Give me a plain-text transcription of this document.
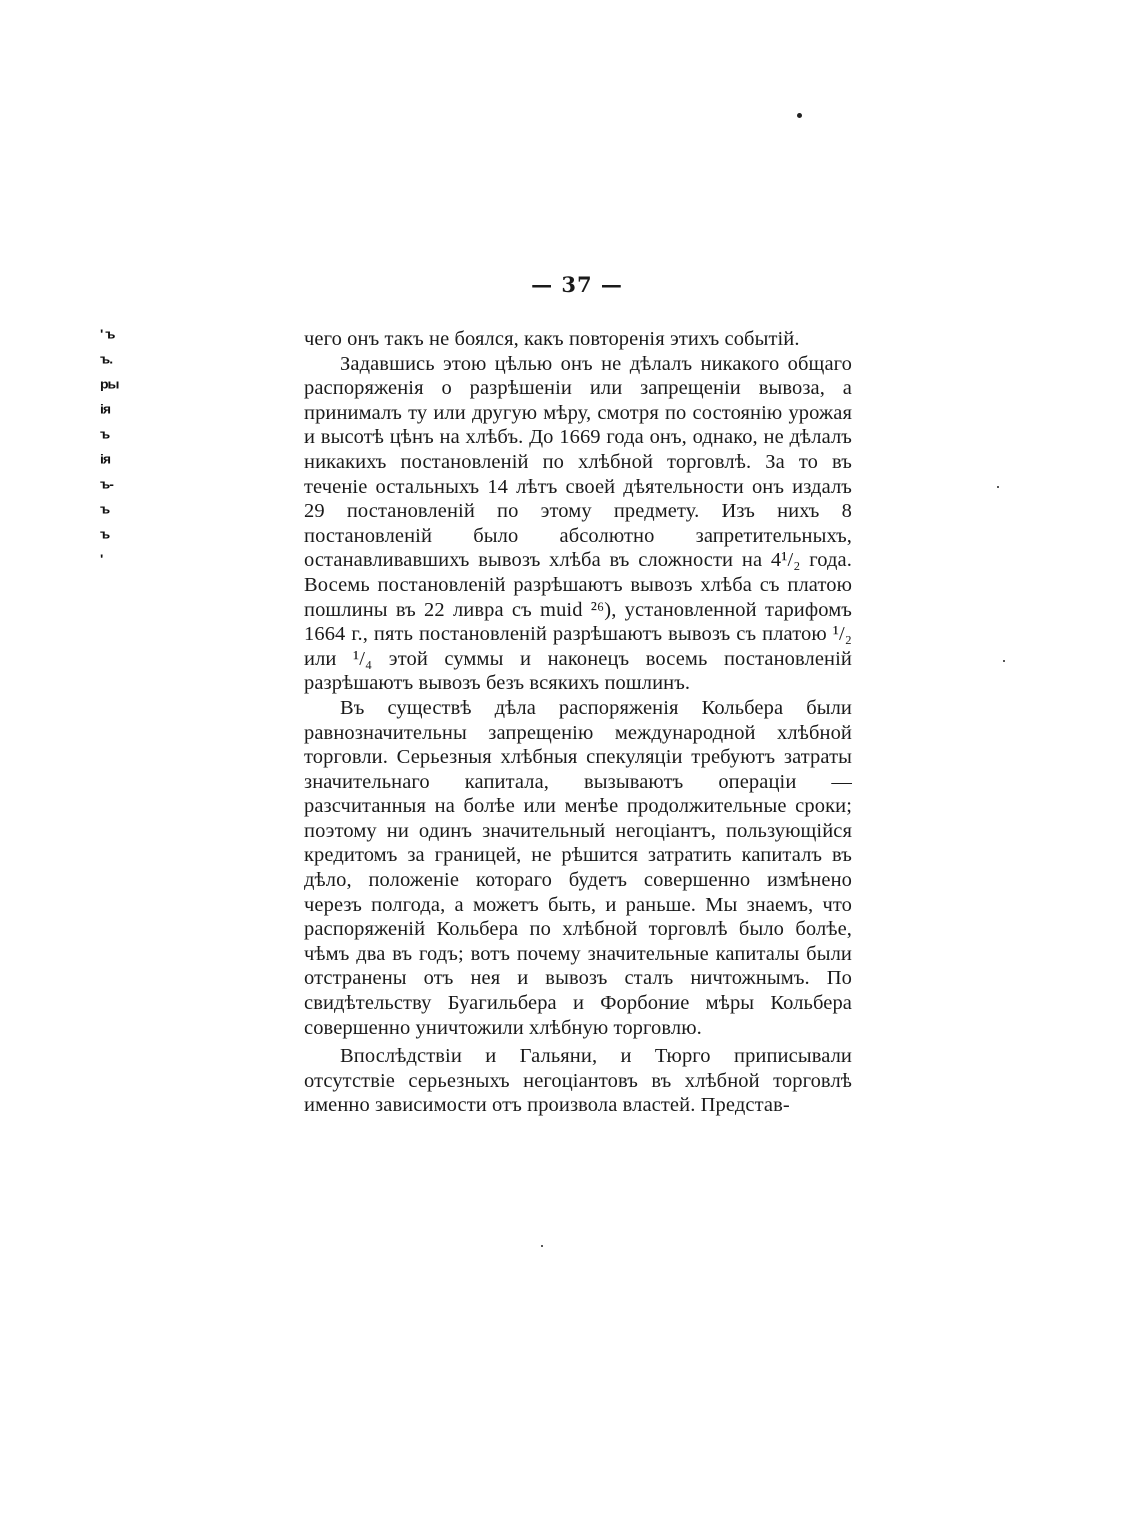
' ъ
ъ.
ры
ія
ъ
ія
ъ-
ъ
ъ
'
— 37 —

чего онъ такъ не боялся, какъ повторенія этихъ событій.

Задавшись этою цѣлью онъ не дѣлалъ никакого общаго распоряженія о разрѣшеніи или запрещеніи вывоза, а принималъ ту или другую мѣру, смотря по состоянію урожая и высотѣ цѣнъ на хлѣбъ. До 1669 года онъ, однако, не дѣлалъ никакихъ постановленій по хлѣбной торговлѣ. За то въ теченіе остальныхъ 14 лѣтъ своей дѣятельности онъ издалъ 29 постановленій по этому предмету. Изъ нихъ 8 постановленій было абсолютно запретительныхъ, останавливавшихъ вывозъ хлѣба въ сложности на 4¹/₂ года. Восемь постановленій разрѣшаютъ вывозъ хлѣба съ платою пошлины въ 22 ливра съ muid ²⁶), установленной тарифомъ 1664 г., пять постановленій разрѣшаютъ вывозъ съ платою ¹/₂ или ¹/₄ этой суммы и наконецъ восемь постановленій разрѣшаютъ вывозъ безъ всякихъ пошлинъ.

Въ существѣ дѣла распоряженія Кольбера были равнозначительны запрещенію международной хлѣбной торговли. Серьезныя хлѣбныя спекуляціи требуютъ затраты значительнаго капитала, вызываютъ операціи — разсчитанныя на болѣе или менѣе продолжительные сроки; поэтому ни одинъ значительный негоціантъ, пользующійся кредитомъ за границей, не рѣшится затратить капиталъ въ дѣло, положеніе котораго будетъ совершенно измѣнено черезъ полгода, а можетъ быть, и раньше. Мы знаемъ, что распоряженій Кольбера по хлѣбной торговлѣ было болѣе, чѣмъ два въ годъ; вотъ почему значительные капиталы были отстранены отъ нея и вывозъ сталъ ничтожнымъ. По свидѣтельству Буагильбера и Форбоние мѣры Кольбера совершенно уничтожили хлѣбную торговлю.

Впослѣдствіи и Гальяни, и Тюрго приписывали отсутствіе серьезныхъ негоціантовъ въ хлѣбной торговлѣ именно зависимости отъ произвола властей. Представ-
